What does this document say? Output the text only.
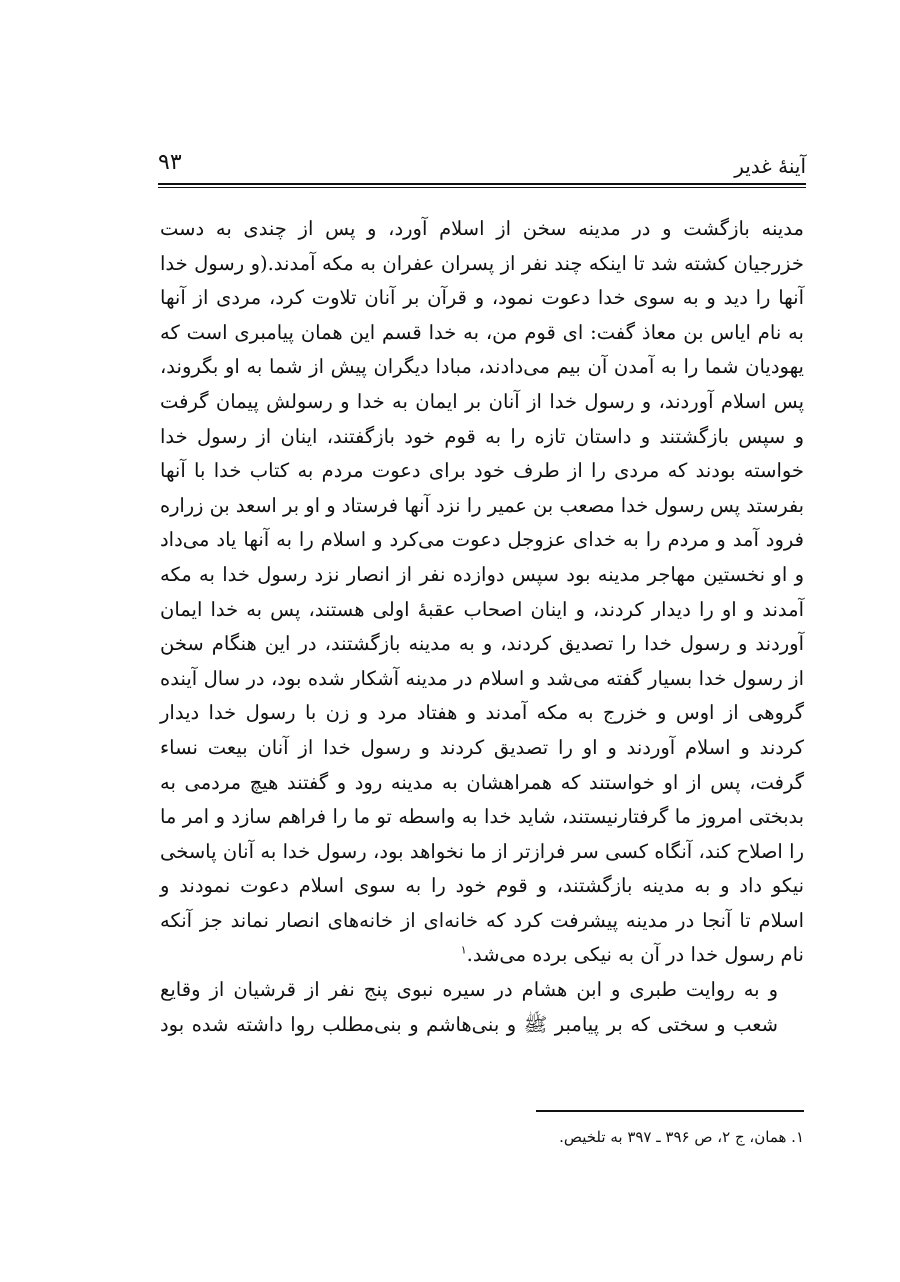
آینهٔ غدیر
۹۳

مدینه بازگشت و در مدینه سخن از اسلام آورد، و پس از چندی به دست
خزرجیان کشته شد تا اینکه چند نفر از پسران عفران به مکه آمدند.(و رسول خدا
آنها را دید و به سوی خدا دعوت نمود، و قرآن بر آنان تلاوت کرد، مردی از آنها
به نام ایاس بن معاذ گفت: ای قوم من، به خدا قسم این همان پیامبری است که
یهودیان شما را به آمدن آن بیم می‌دادند، مبادا دیگران پیش از شما به او بگروند،
پس اسلام آوردند، و رسول خدا از آنان بر ایمان به خدا و رسولش پیمان گرفت
و سپس بازگشتند و داستان تازه را به قوم خود بازگفتند، اینان از رسول خدا
خواسته بودند که مردی را از طرف خود برای دعوت مردم به کتاب خدا با آنها
بفرستد پس رسول خدا مصعب بن عمیر را نزد آنها فرستاد و او بر اسعد بن زراره
فرود آمد و مردم را به خدای عزوجل دعوت می‌کرد و اسلام را به آنها یاد می‌داد
و او نخستین مهاجر مدینه بود سپس دوازده نفر از انصار نزد رسول خدا به مکه
آمدند و او را دیدار کردند، و اینان اصحاب عقبهٔ اولی هستند، پس به خدا ایمان
آوردند و رسول خدا را تصدیق کردند، و به مدینه بازگشتند، در این هنگام سخن
از رسول خدا بسیار گفته می‌شد و اسلام در مدینه آشکار شده بود، در سال آینده
گروهی از اوس و خزرج به مکه آمدند و هفتاد مرد و زن با رسول خدا دیدار
کردند و اسلام آوردند و او را تصدیق کردند و رسول خدا از آنان بیعت نساء
گرفت، پس از او خواستند که همراهشان به مدینه رود و گفتند هیچ مردمی به
بدبختی امروز ما گرفتارنیستند، شاید خدا به واسطه تو ما را فراهم سازد و امر ما
را اصلاح کند، آنگاه کسی سر فرازتر از ما نخواهد بود، رسول خدا به آنان پاسخی
نیکو داد و به مدینه بازگشتند، و قوم خود را به سوی اسلام دعوت نمودند و
اسلام تا آنجا در مدینه پیشرفت کرد که خانه‌ای از خانه‌های انصار نماند جز آنکه
نام رسول خدا در آن به نیکی برده می‌شد.$^۱$

و به روایت طبری و ابن هشام در سیره نبوی پنج نفر از قرشیان از وقایع
شعب و سختی که بر پیامبر ﷺ و بنی‌هاشم و بنی‌مطلب روا داشته شده بود

۱. همان، ج ۲، ص ۳۹۶ ـ ۳۹۷ به تلخیص.
